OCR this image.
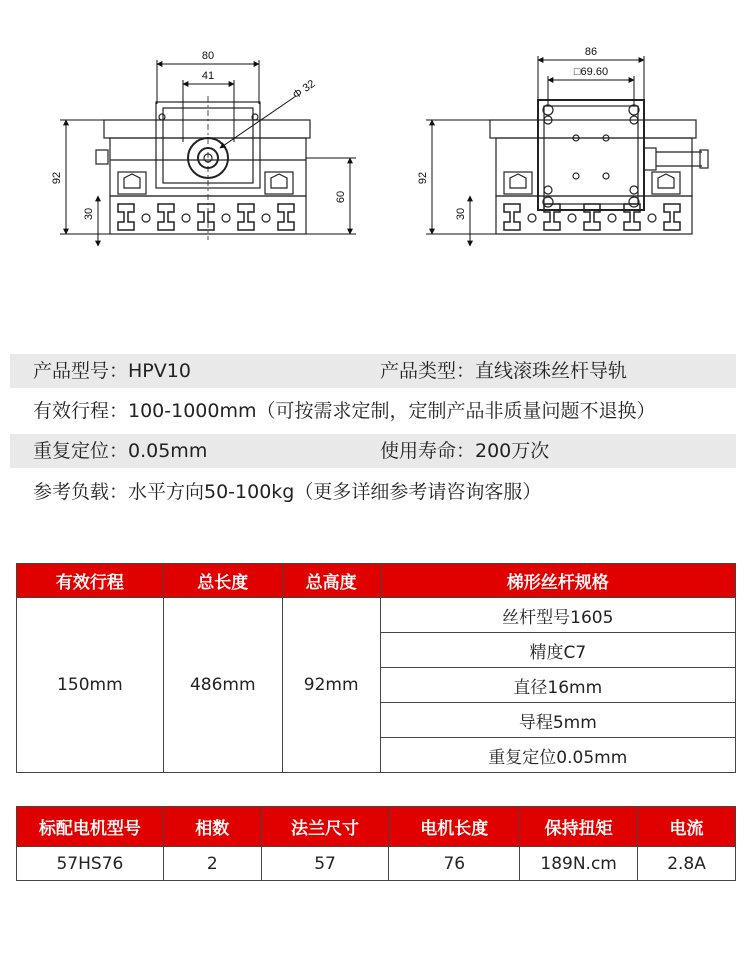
80
41
Φ 32
92
30
60
86
□69.60
92
30
产品型号：HPV10	产品类型：直线滚珠丝杆导轨
有效行程：100-1000mm（可按需求定制，定制产品非质量问题不退换）
重复定位：0.05mm	使用寿命：200万次
参考负载：水平方向50-100kg（更多详细参考请咨询客服）
有效行程	总长度	总高度	梯形丝杆规格
150mm	486mm	92mm	丝杆型号1605
			精度C7
			直径16mm
			导程5mm
			重复定位0.05mm
标配电机型号	相数	法兰尺寸	电机长度	保持扭矩	电流
57HS76	2	57	76	189N.cm	2.8A
